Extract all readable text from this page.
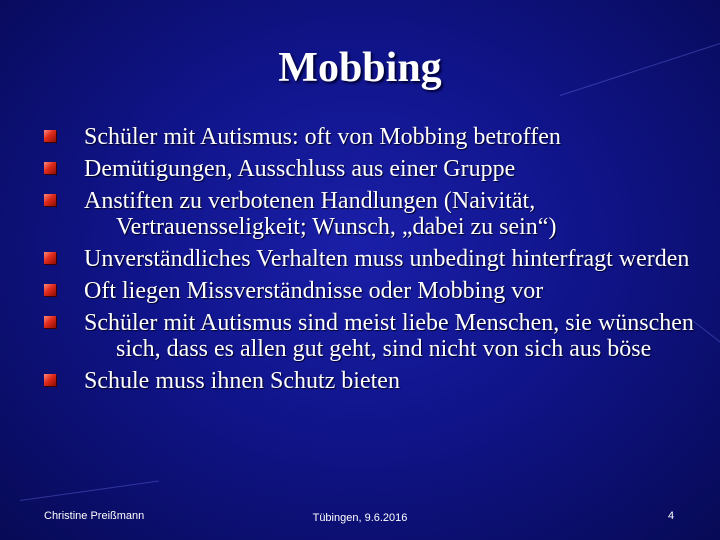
Mobbing
Schüler mit Autismus: oft von Mobbing betroffen
Demütigungen, Ausschluss aus einer Gruppe
Anstiften zu verbotenen Handlungen (Naivität, Vertrauensseligkeit; Wunsch, „dabei zu sein“)
Unverständliches Verhalten muss unbedingt hinterfragt werden
Oft liegen Missverständnisse oder Mobbing vor
Schüler mit Autismus sind meist liebe Menschen, sie wünschen sich, dass es allen gut geht, sind nicht von sich aus böse
Schule muss ihnen Schutz bieten
Christine Preißmann	Tübingen, 9.6.2016	4
